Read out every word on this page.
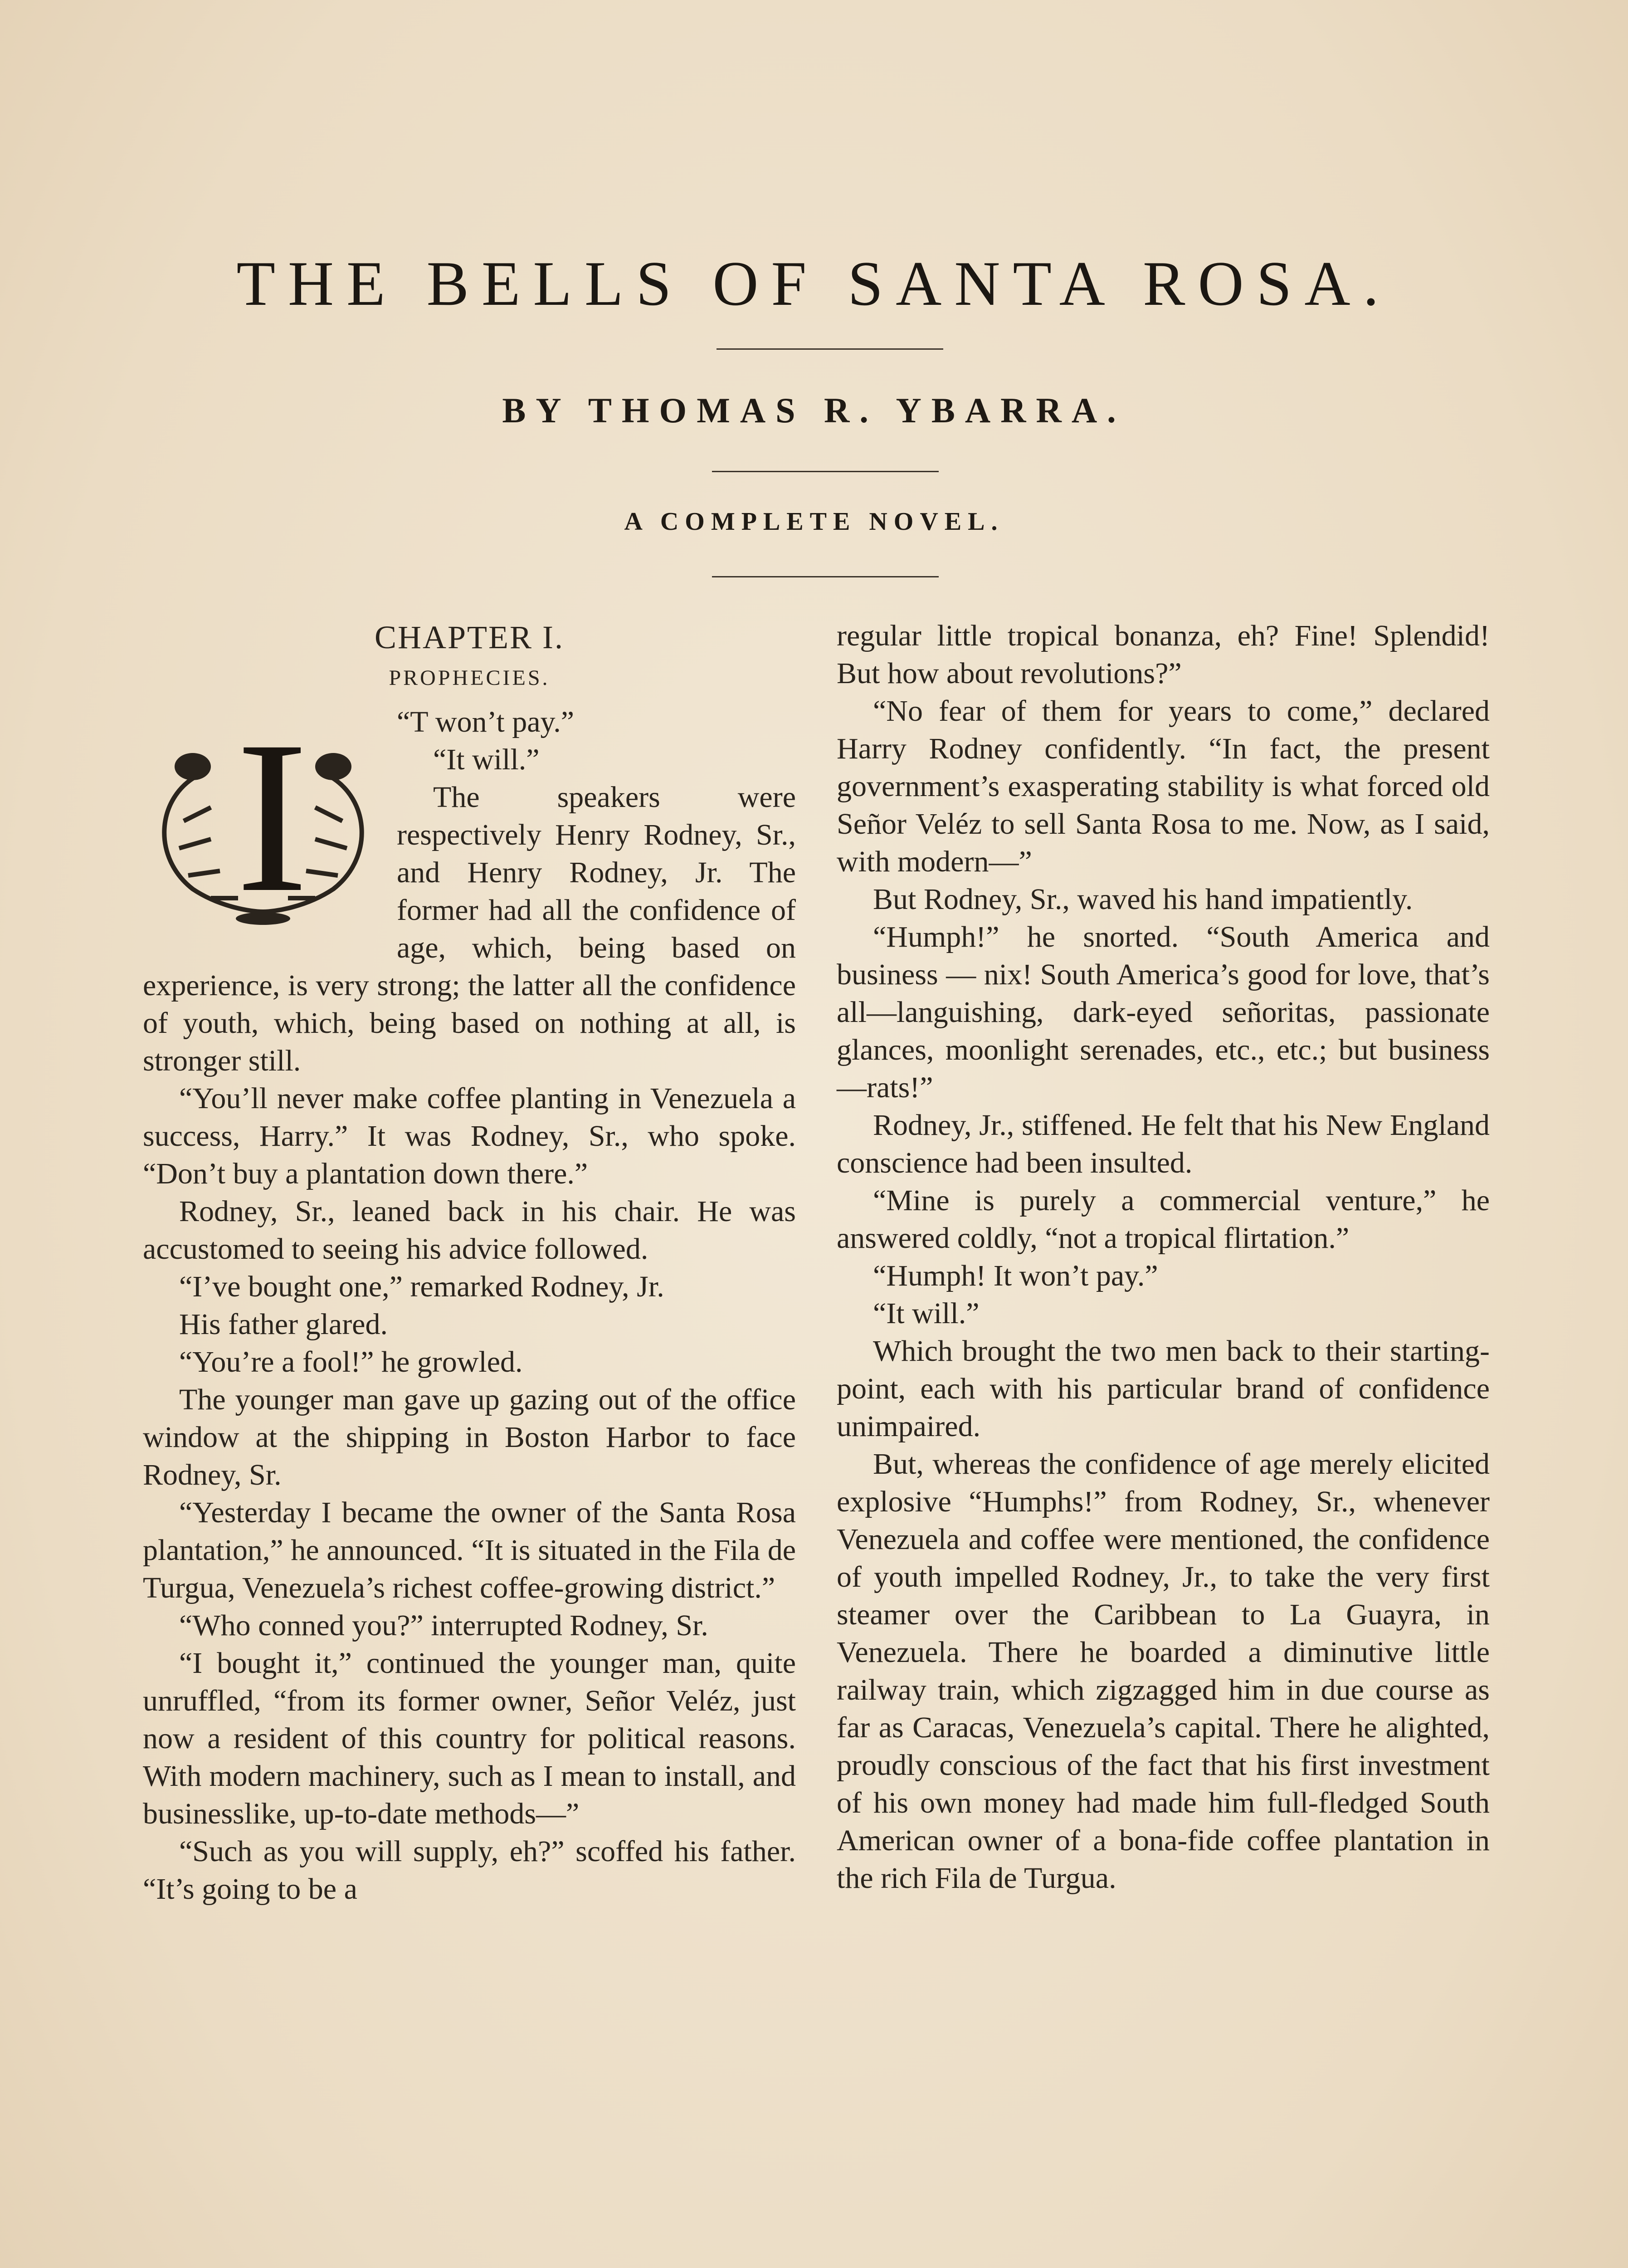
THE BELLS OF SANTA ROSA.
BY THOMAS R. YBARRA.
A COMPLETE NOVEL.
CHAPTER I.
PROPHECIES.
I	“T won’t pay.”

“It will.”

The speakers were respectively Henry Rodney, Sr., and Henry Rodney, Jr. The former had all the confidence of age, which, being based on experience, is very strong; the latter all the confidence of youth, which, being based on nothing at all, is stronger still.

“You’ll never make coffee planting in Venezuela a success, Harry.” It was Rodney, Sr., who spoke. “Don’t buy a plantation down there.”

Rodney, Sr., leaned back in his chair. He was accustomed to seeing his advice followed.

“I’ve bought one,” remarked Rodney, Jr.

His father glared.

“You’re a fool!” he growled.

The younger man gave up gazing out of the office window at the shipping in Boston Harbor to face Rodney, Sr.

“Yesterday I became the owner of the Santa Rosa plantation,” he announced. “It is situated in the Fila de Turgua, Venezuela’s richest coffee-growing district.”

“Who conned you?” interrupted Rodney, Sr.

“I bought it,” continued the younger man, quite unruffled, “from its former owner, Señor Veléz, just now a resident of this country for political reasons. With modern machinery, such as I mean to install, and businesslike, up-to-date methods—”

“Such as you will supply, eh?” scoffed his father. “It’s going to be a

regular little tropical bonanza, eh? Fine! Splendid! But how about revolutions?”

“No fear of them for years to come,” declared Harry Rodney confidently. “In fact, the present government’s exasperating stability is what forced old Señor Veléz to sell Santa Rosa to me. Now, as I said, with modern—”

But Rodney, Sr., waved his hand impatiently.

“Humph!” he snorted. “South America and business — nix! South America’s good for love, that’s all—languishing, dark-eyed señoritas, passionate glances, moonlight serenades, etc., etc.; but business—rats!”

Rodney, Jr., stiffened. He felt that his New England conscience had been insulted.

“Mine is purely a commercial venture,” he answered coldly, “not a tropical flirtation.”

“Humph! It won’t pay.”

“It will.”

Which brought the two men back to their starting-point, each with his particular brand of confidence unimpaired.

But, whereas the confidence of age merely elicited explosive “Humphs!” from Rodney, Sr., whenever Venezuela and coffee were mentioned, the confidence of youth impelled Rodney, Jr., to take the very first steamer over the Caribbean to La Guayra, in Venezuela. There he boarded a diminutive little railway train, which zigzagged him in due course as far as Caracas, Venezuela’s capital. There he alighted, proudly conscious of the fact that his first investment of his own money had made him full-fledged South American owner of a bona-fide coffee plantation in the rich Fila de Turgua.
